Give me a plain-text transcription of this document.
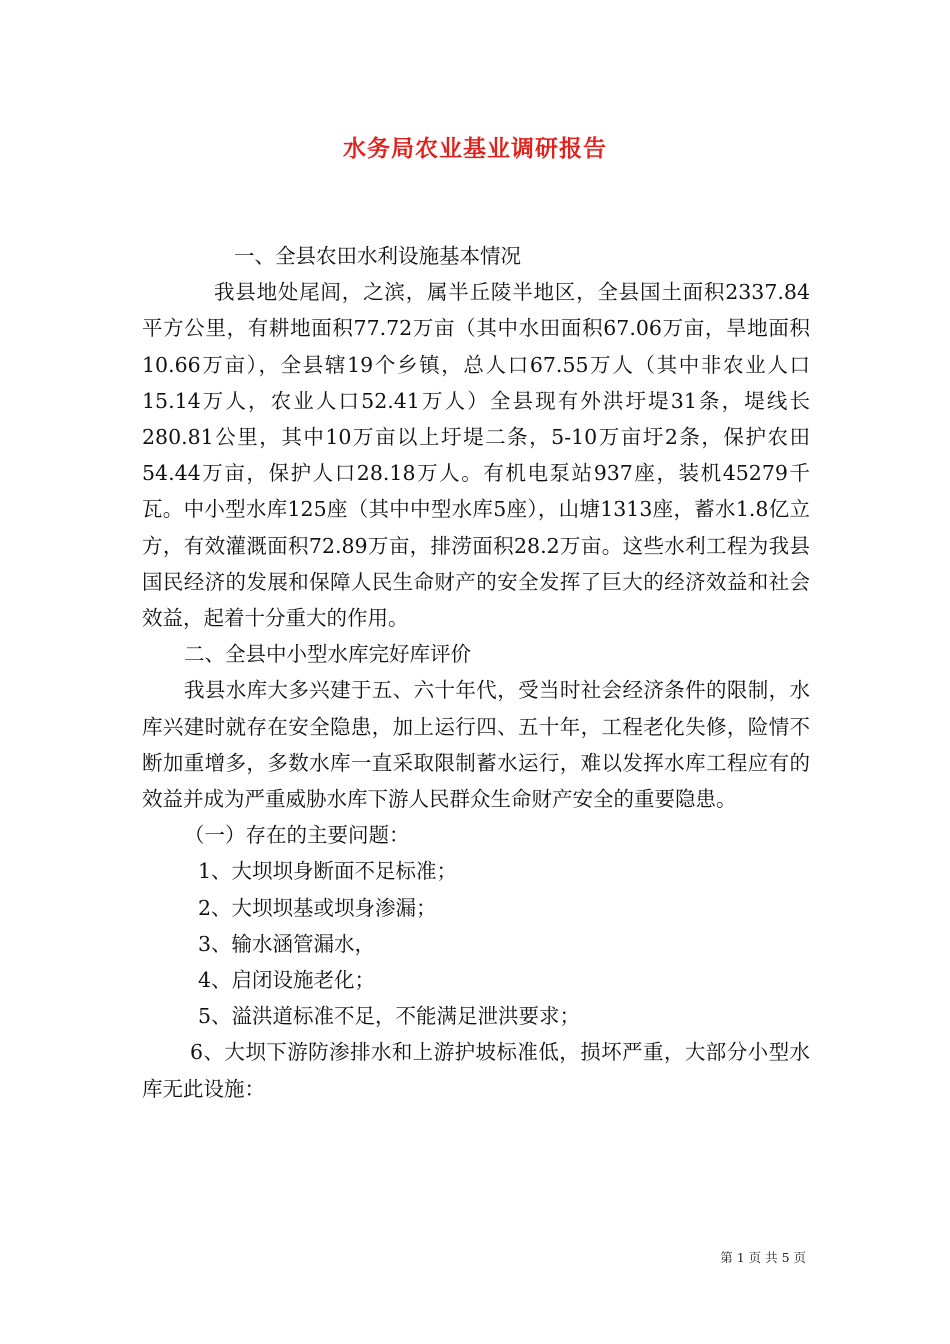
水务局农业基业调研报告

一、全县农田水利设施基本情况

我县地处尾闾，之滨，属半丘陵半地区，全县国土面积2337.84平方公里，有耕地面积77.72万亩（其中水田面积67.06万亩，旱地面积10.66万亩），全县辖19个乡镇，总人口67.55万人（其中非农业人口15.14万人，农业人口52.41万人）全县现有外洪圩堤31条，堤线长280.81公里，其中10万亩以上圩堤二条，5-10万亩圩2条，保护农田54.44万亩，保护人口28.18万人。有机电泵站937座，装机45279千瓦。中小型水库125座（其中中型水库5座），山塘1313座，蓄水1.8亿立方，有效灌溉面积72.89万亩，排涝面积28.2万亩。这些水利工程为我县国民经济的发展和保障人民生命财产的安全发挥了巨大的经济效益和社会效益，起着十分重大的作用。

二、全县中小型水库完好库评价

我县水库大多兴建于五、六十年代，受当时社会经济条件的限制，水库兴建时就存在安全隐患，加上运行四、五十年，工程老化失修，险情不断加重增多，多数水库一直采取限制蓄水运行，难以发挥水库工程应有的效益并成为严重威胁水库下游人民群众生命财产安全的重要隐患。

（一）存在的主要问题：

1、大坝坝身断面不足标准；

2、大坝坝基或坝身渗漏；

3、输水涵管漏水，

4、启闭设施老化；

5、溢洪道标准不足，不能满足泄洪要求；

6、大坝下游防渗排水和上游护坡标准低，损坏严重，大部分小型水库无此设施：

第 1 页 共 5 页
